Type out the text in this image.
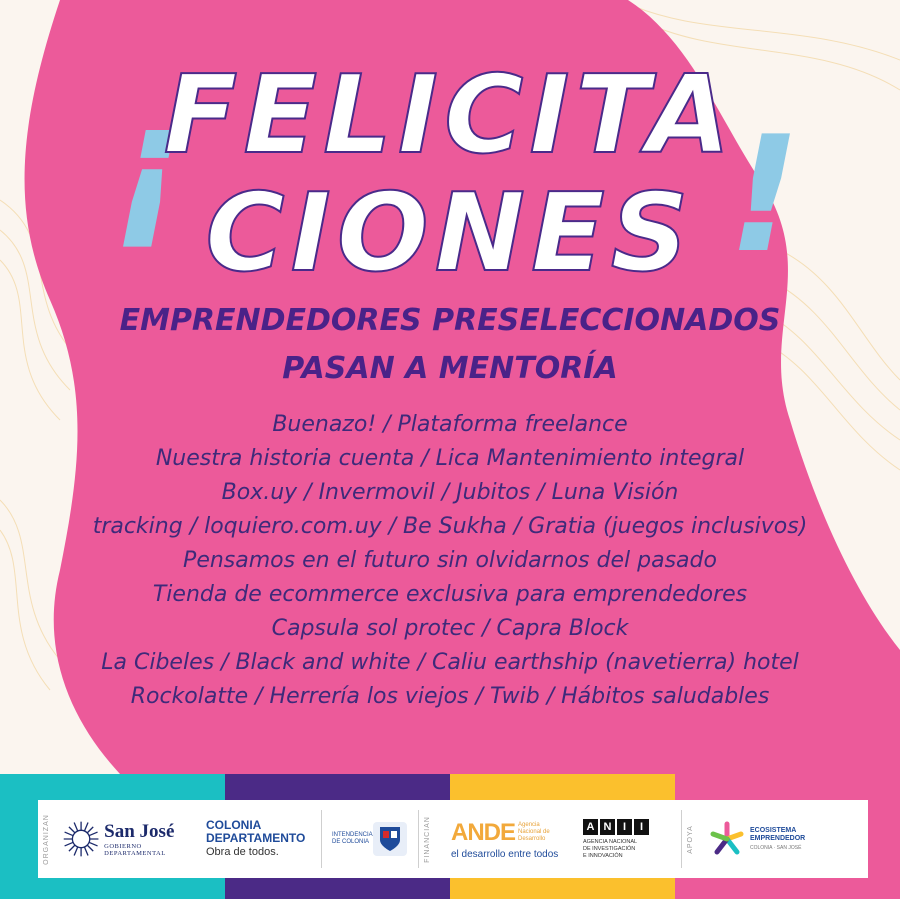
!	!
FELICITA
CIONES
EMPRENDEDORES PRESELECCIONADOS
PASAN A MENTORÍA
Buenazo! / Plataforma freelance
Nuestra historia cuenta / Lica Mantenimiento integral
Box.uy / Invermovil / Jubitos / Luna Visión
tracking / loquiero.com.uy / Be Sukha / Gratia (juegos inclusivos)
Pensamos en el futuro sin olvidarnos del pasado
Tienda de ecommerce exclusiva para emprendedores
Capsula sol protec / Capra Block
La Cibeles / Black and white / Caliu earthship (navetierra) hotel
Rockolatte / Herrería los viejos / Twib / Hábitos saludables
ORGANIZAN	San José
GOBIERNO DEPARTAMENTAL
COLONIA
DEPARTAMENTO
Obra de todos.
INTENDENCIA
DE COLONIA	FINANCIAN ANDE Agencia Nacional de Desarrollo
el desarrollo entre todos
A N	I	I
AGENCIA NACIONAL
DE INVESTIGACIÓN
E INNOVACIÓN
APOYA	ECOSISTEMA
EMPRENDEDOR
COLONIA · SAN JOSÉ
